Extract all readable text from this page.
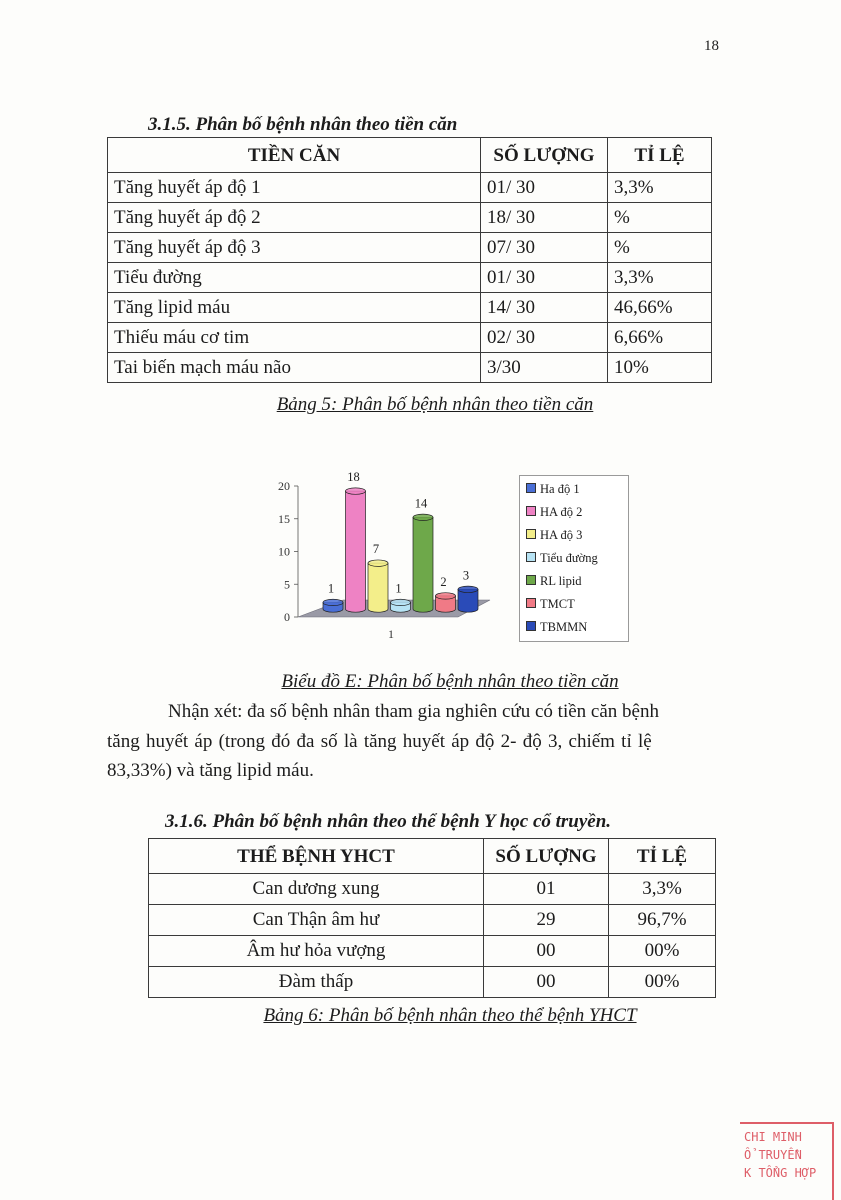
18
3.1.5. Phân bố bệnh nhân theo tiền căn
TIỀN CĂN	SỐ LƯỢNG	TỈ LỆ
Tăng huyết áp độ 1	01/ 30	3,3%
Tăng huyết áp độ 2	18/ 30	%
Tăng huyết áp độ 3	07/ 30	%
Tiểu đường	01/ 30	3,3%
Tăng lipid máu	14/ 30	46,66%
Thiếu máu cơ tim	02/ 30	6,66%
Tai biến mạch máu não	3/30	10%
Bảng 5: Phân bố bệnh nhân theo tiền căn
0
5
10
15
20
1
1
18
7
1
14
2 3
Ha độ 1
HA độ 2
HA độ 3
Tiểu đường
RL lipid
TMCT
TBMMN
Biểu đồ E: Phân bố bệnh nhân theo tiền căn
Nhận xét: đa số bệnh nhân tham gia nghiên cứu có tiền căn bệnh
tăng huyết áp (trong đó đa số là tăng huyết áp độ 2- độ 3, chiếm tỉ lệ
83,33%) và tăng lipid máu.
3.1.6. Phân bố bệnh nhân theo thể bệnh Y học cổ truyền.
THỂ BỆNH YHCT	SỐ LƯỢNG	TỈ LỆ
Can dương xung	01	3,3%
Can Thận âm hư	29	96,7%
Âm hư hỏa vượng	00	00%
Đàm thấp	00	00%
Bảng 6: Phân bố bệnh nhân theo thể bệnh YHCT
CHI MINH
Ổ TRUYỀN
K TỔNG HỢP
